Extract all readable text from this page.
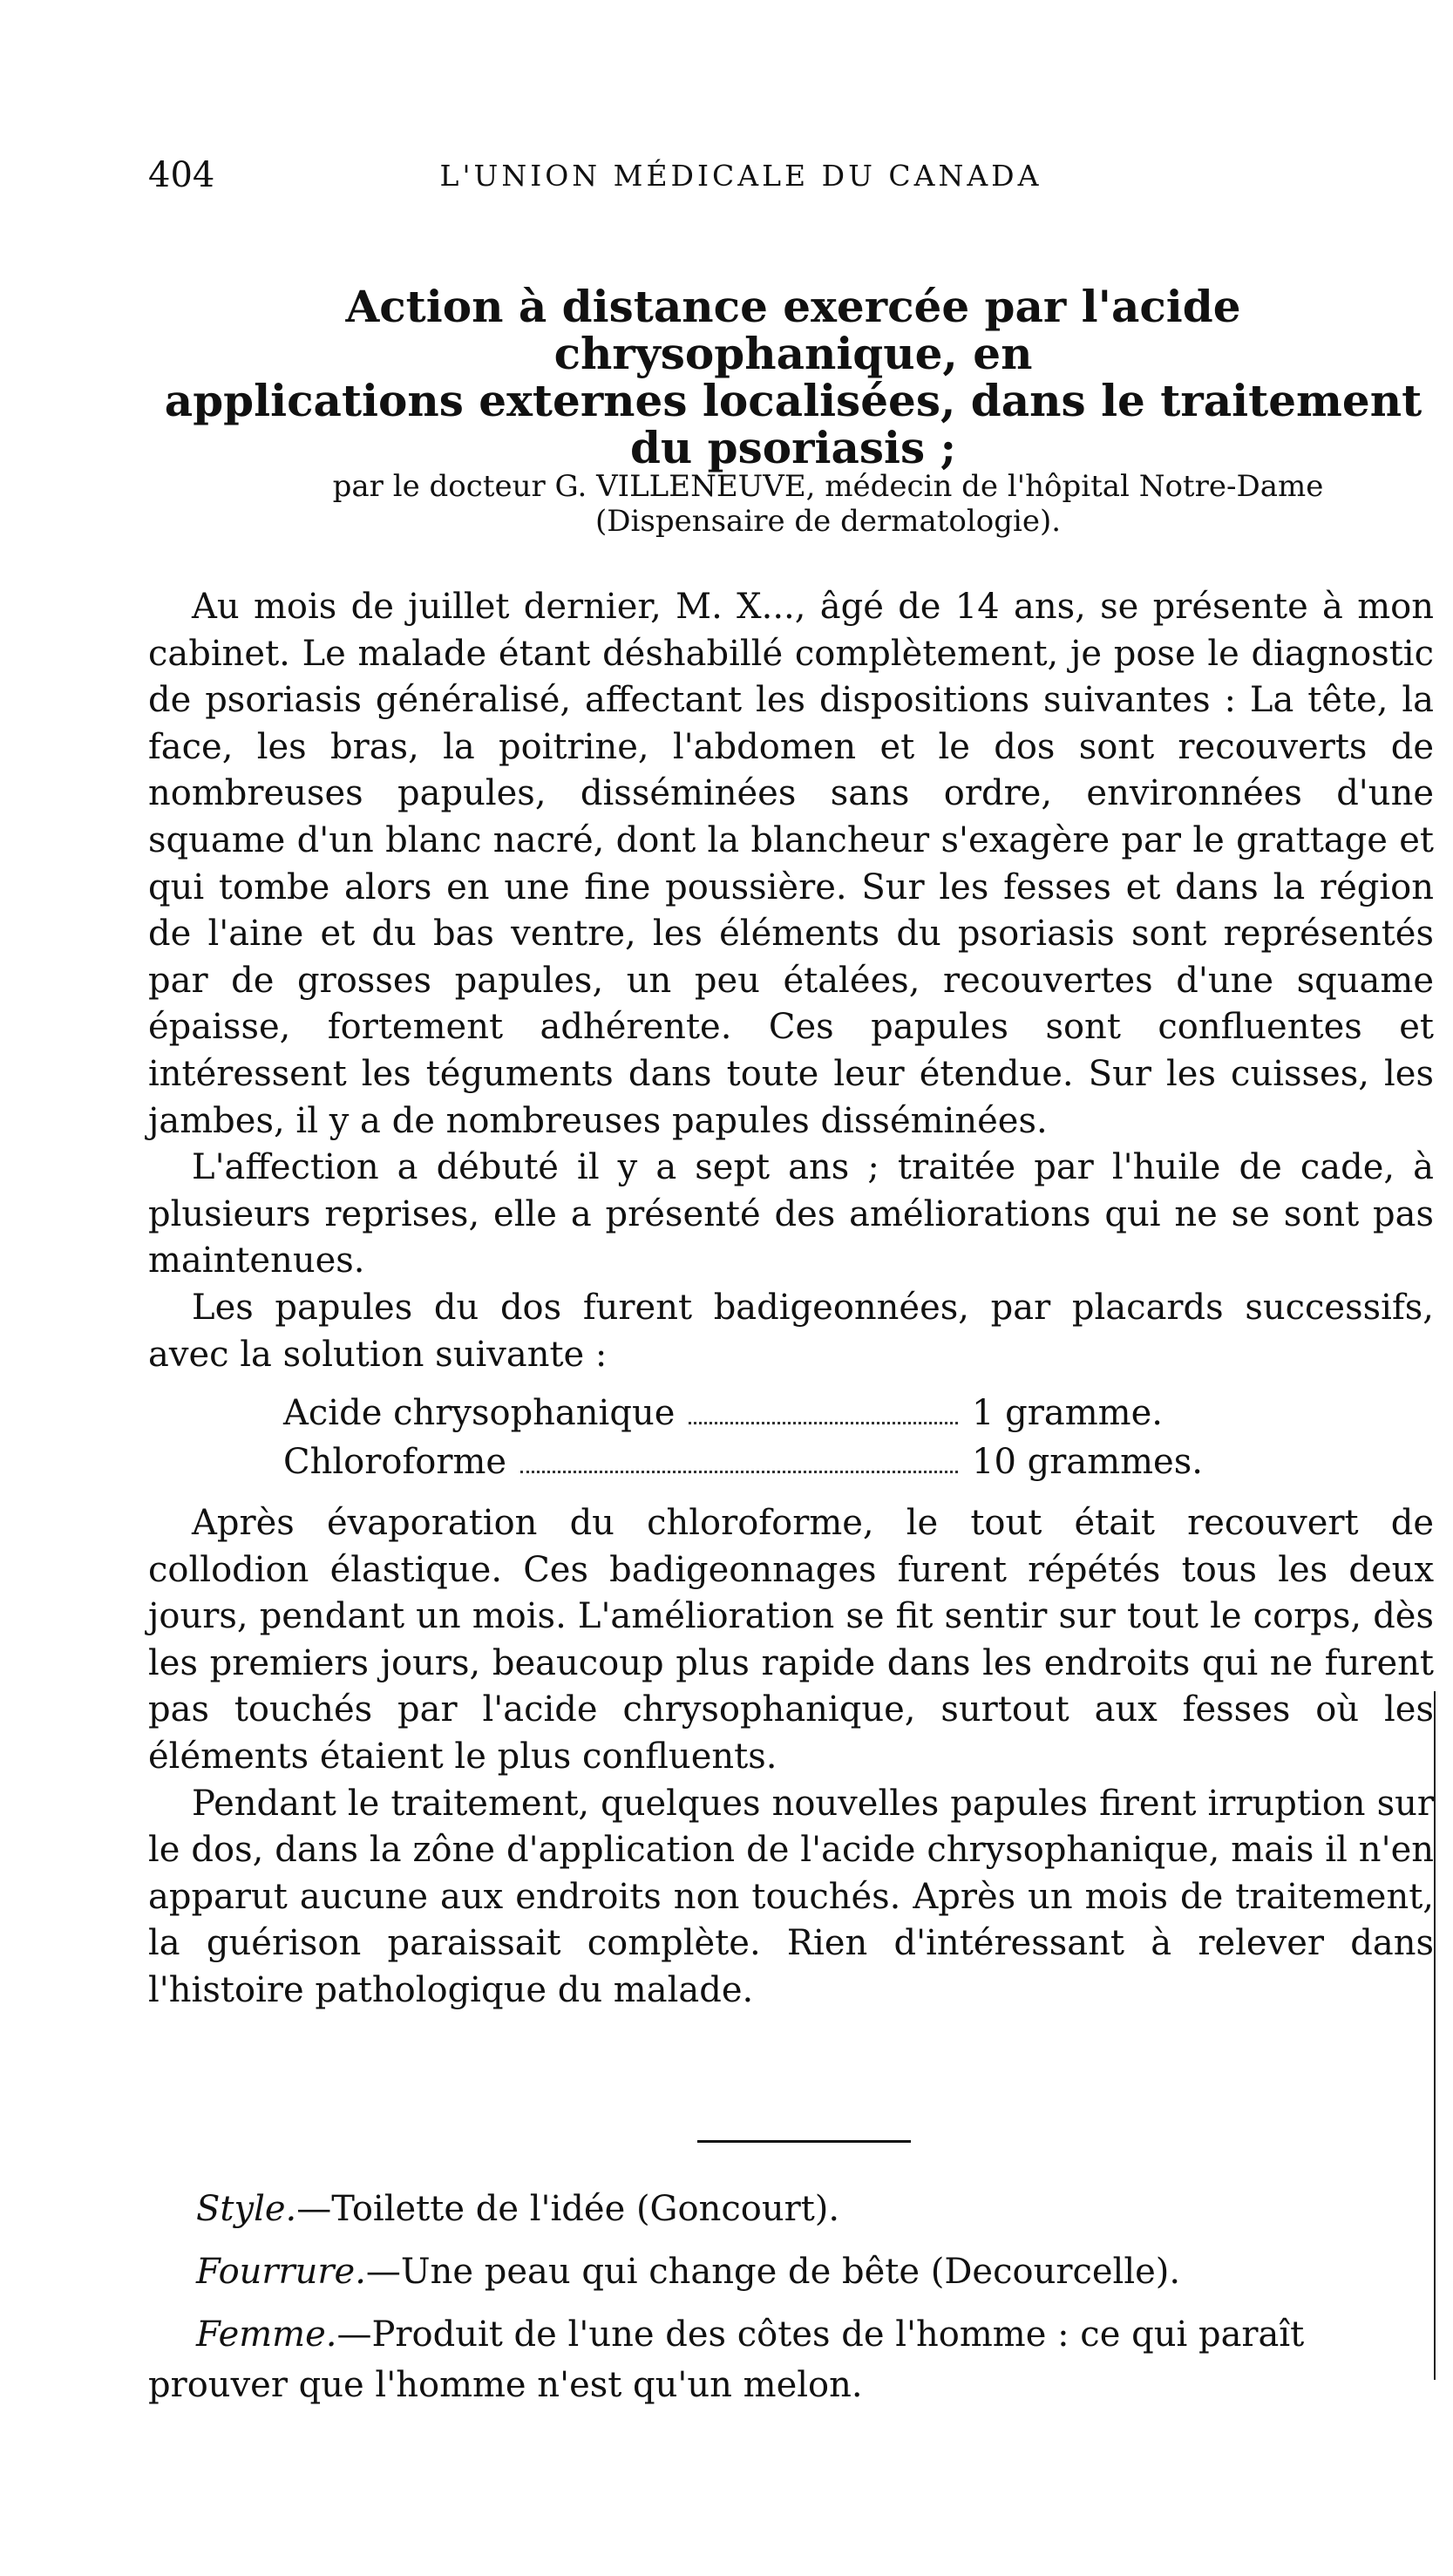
404	L'UNION MÉDICALE DU CANADA
Action à distance exercée par l'acide chrysophanique, en
applications externes localisées, dans le traitement
du psoriasis ;
par le docteur G. VILLENEUVE, médecin de l'hôpital Notre-Dame
(Dispensaire de dermatologie).

Au mois de juillet dernier, M. X..., âgé de 14 ans, se présente à mon cabinet. Le malade étant déshabillé complètement, je pose le diagnostic de psoriasis généralisé, affectant les dispositions suivantes : La tête, la face, les bras, la poitrine, l'abdomen et le dos sont recouverts de nombreuses papules, disséminées sans ordre, environnées d'une squame d'un blanc nacré, dont la blancheur s'exagère par le grattage et qui tombe alors en une fine poussière. Sur les fesses et dans la région de l'aine et du bas ventre, les éléments du psoriasis sont représentés par de grosses papules, un peu étalées, recouvertes d'une squame épaisse, fortement adhérente. Ces papules sont confluentes et intéressent les téguments dans toute leur étendue. Sur les cuisses, les jambes, il y a de nombreuses papules disséminées.

L'affection a débuté il y a sept ans ; traitée par l'huile de cade, à plusieurs reprises, elle a présenté des améliorations qui ne se sont pas maintenues.

Les papules du dos furent badigeonnées, par placards successifs, avec la solution suivante :

Acide chrysophanique	1 gramme.
Chloroforme	10 grammes.

Après évaporation du chloroforme, le tout était recouvert de collodion élastique. Ces badigeonnages furent répétés tous les deux jours, pendant un mois. L'amélioration se fit sentir sur tout le corps, dès les premiers jours, beaucoup plus rapide dans les endroits qui ne furent pas touchés par l'acide chrysophanique, surtout aux fesses où les éléments étaient le plus confluents.

Pendant le traitement, quelques nouvelles papules firent irruption sur le dos, dans la zône d'application de l'acide chrysophanique, mais il n'en apparut aucune aux endroits non touchés. Après un mois de traitement, la guérison paraissait complète. Rien d'intéressant à relever dans l'histoire pathologique du malade.

Style.—Toilette de l'idée (Goncourt).

Fourrure.—Une peau qui change de bête (Decourcelle).

Femme.—Produit de l'une des côtes de l'homme : ce qui paraît prouver que l'homme n'est qu'un melon.
